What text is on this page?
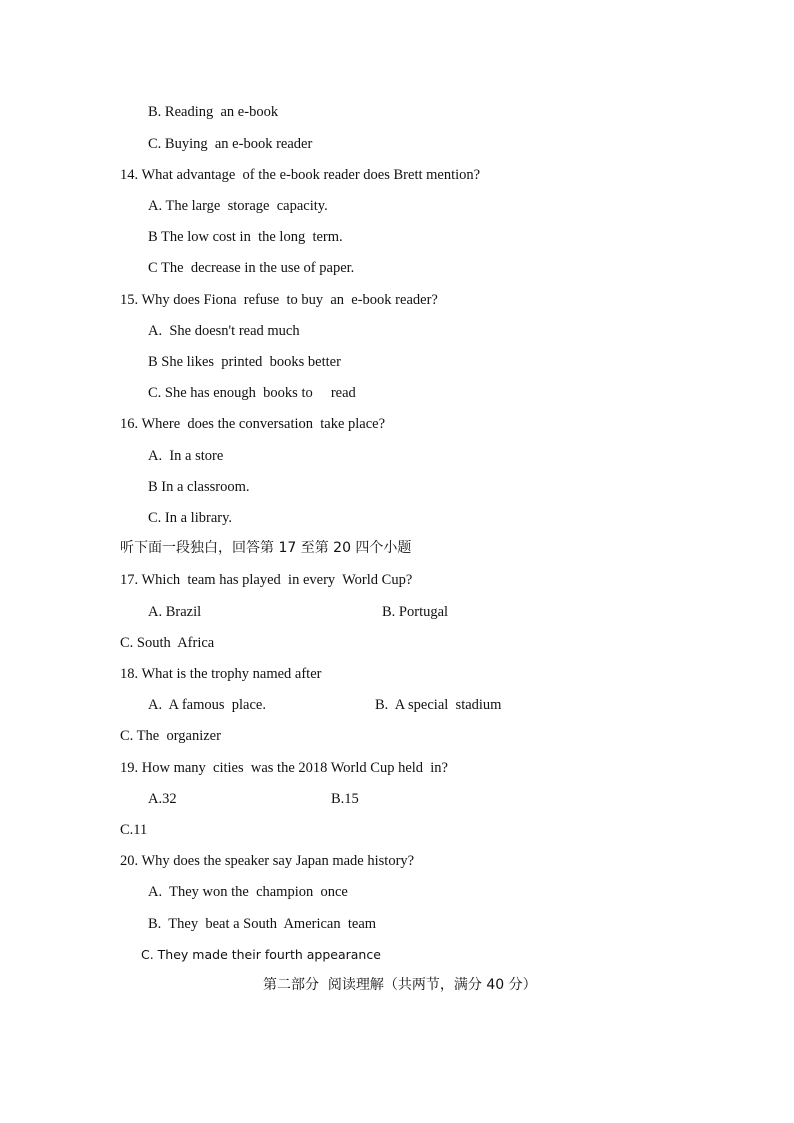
B. Reading  an e-book
C. Buying  an e-book reader
14. What advantage  of the e-book reader does Brett mention?
A. The large  storage  capacity.
B The low cost in  the long  term.
C The  decrease in the use of paper.
15. Why does Fiona  refuse  to buy  an  e-book reader?
A.  She doesn't read much
B She likes  printed  books better
C. She has enough  books to     read
16. Where  does the conversation  take place?
A.  In a store
B In a classroom.
C. In a library.
听下面一段独白，回答第 17 至第 20 四个小题
17. Which  team has played  in every  World Cup?
A. Brazil	B. Portugal
C. South  Africa
18. What is the trophy named after
A.  A famous  place.	B.  A special  stadium
C. The  organizer
19. How many  cities  was the 2018 World Cup held  in?
A.32	B.15
C.11
20. Why does the speaker say Japan made history?
A.  They won the  champion  once
B.  They  beat a South  American  team
C. They made their fourth appearance
第二部分  阅读理解（共两节，满分 40 分）
